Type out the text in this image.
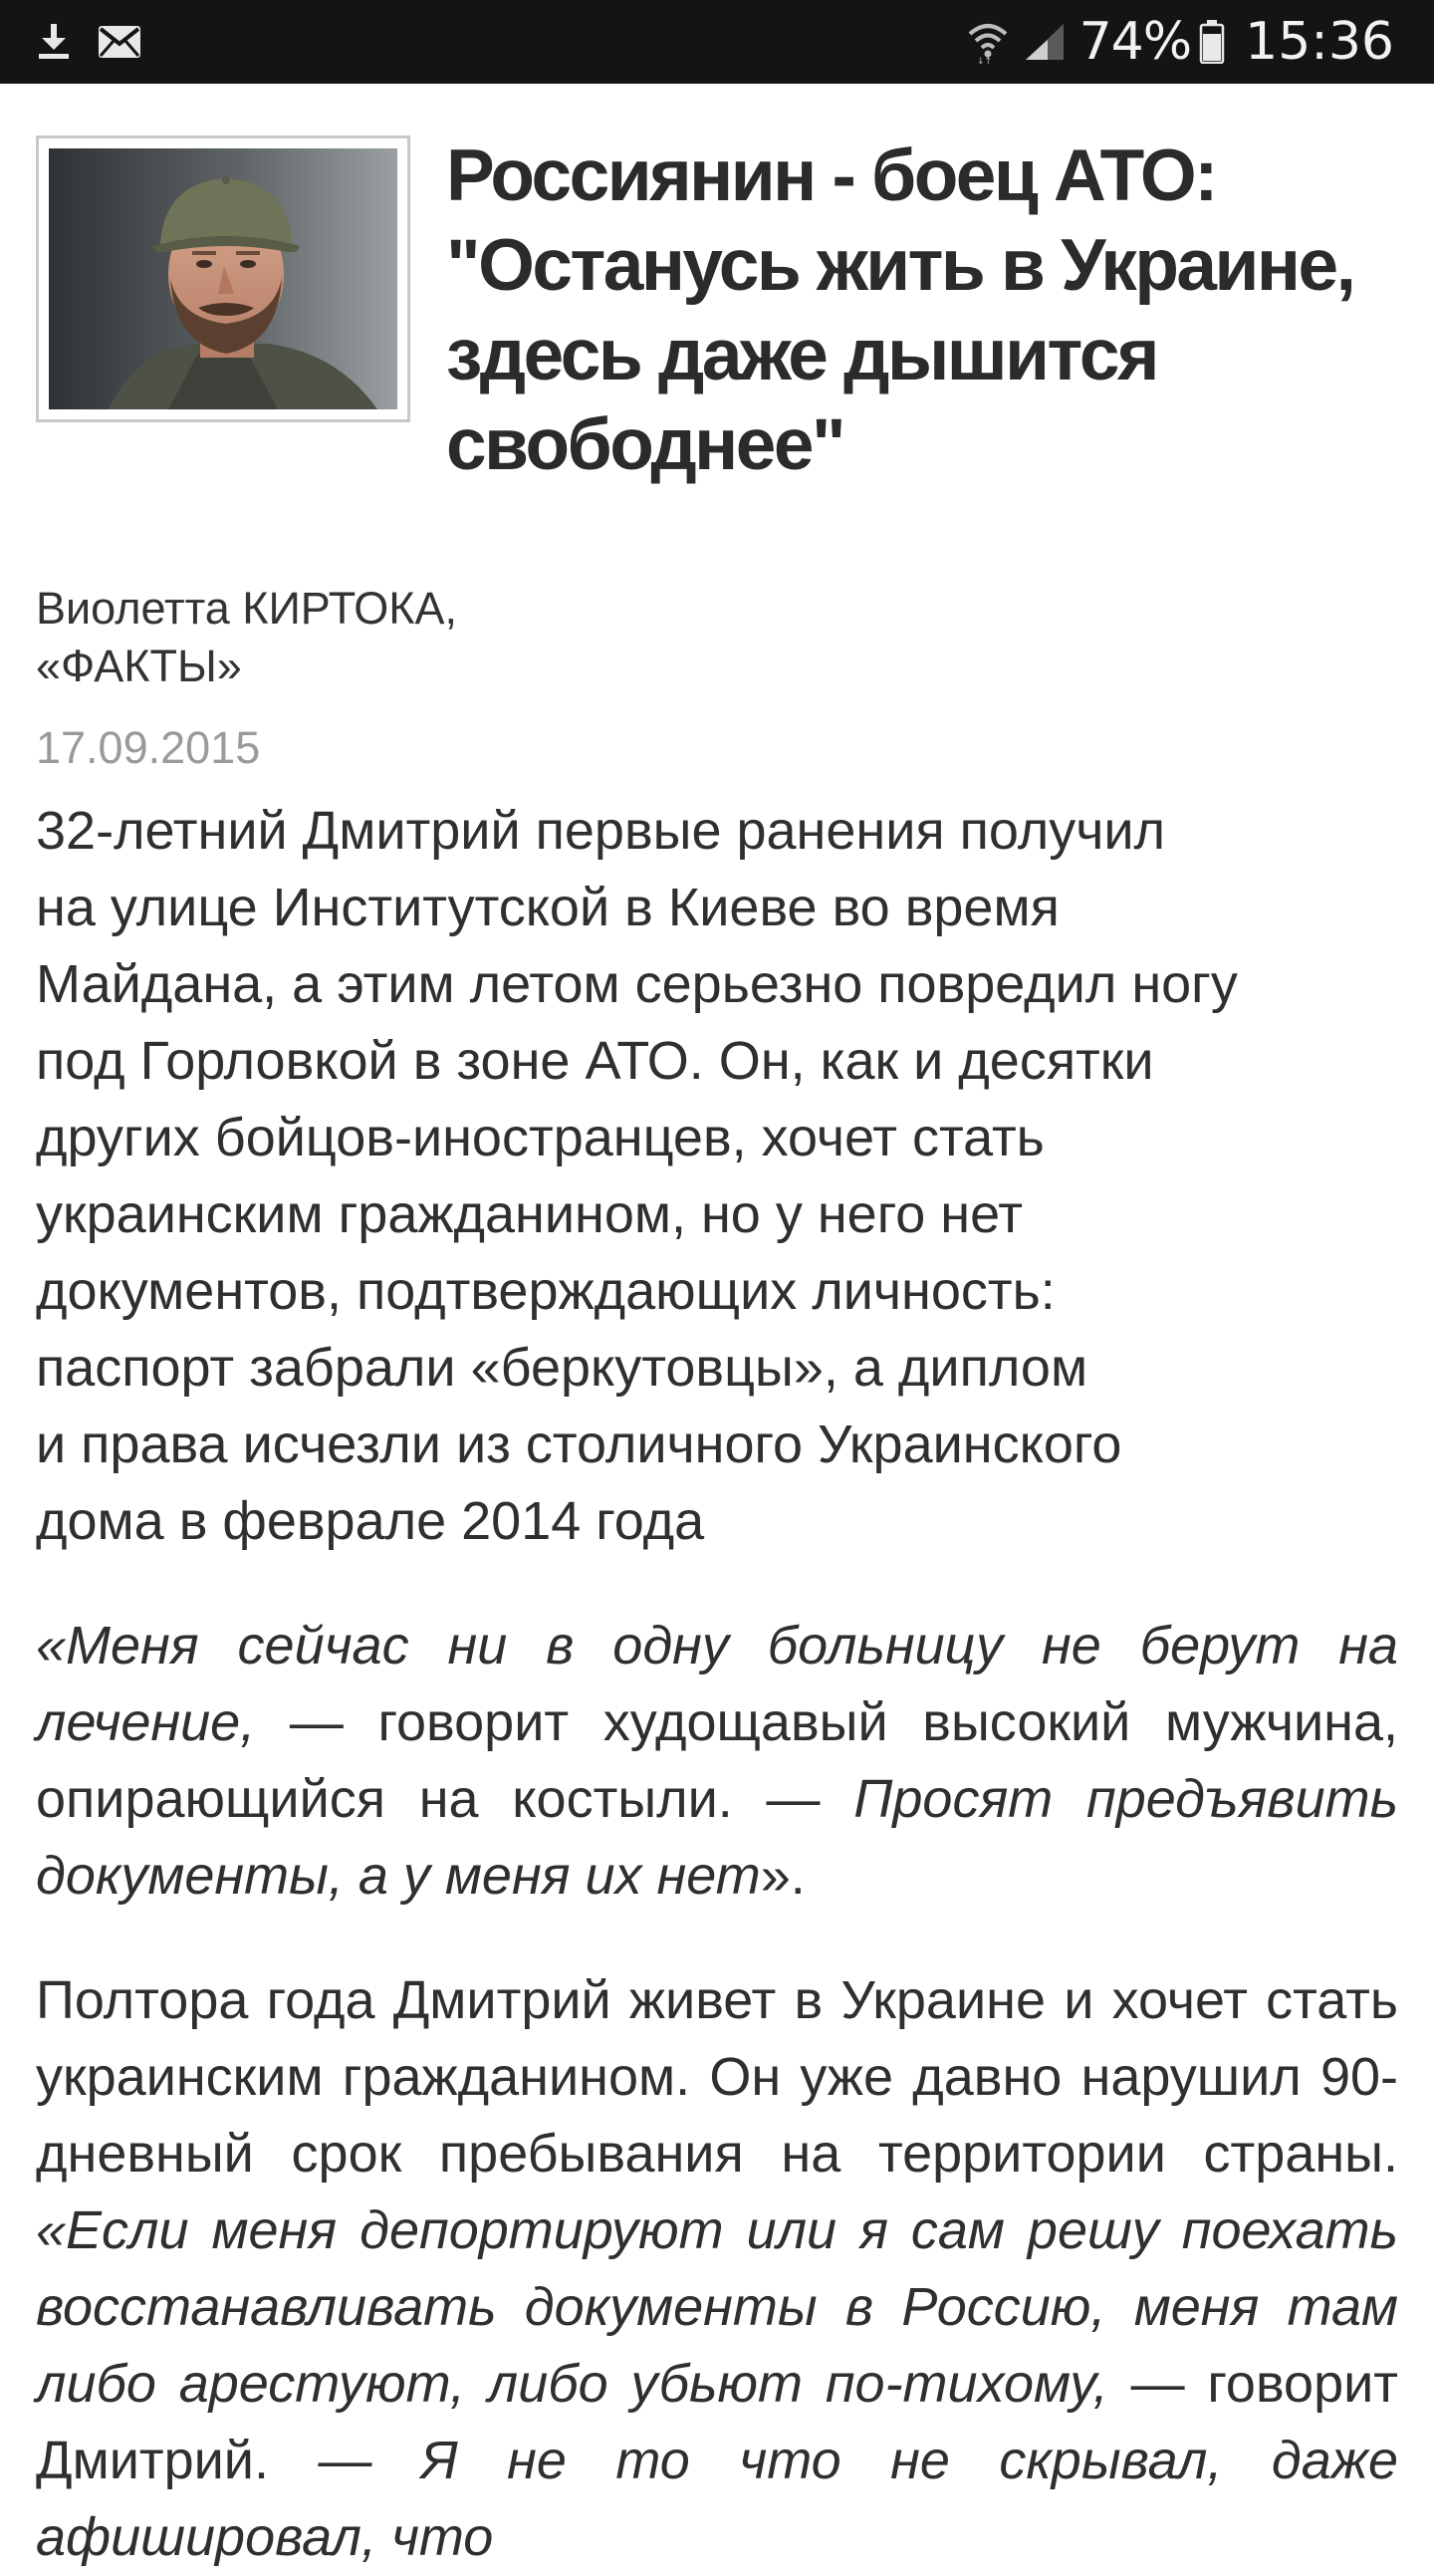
↓↑ 74% 15:36
Россиянин - боец АТО:
"Останусь жить в Украине,
здесь даже дышится
свободнее"
Виолетта КИРТОКА,
«ФАКТЫ»
17.09.2015

32-летний Дмитрий первые ранения получил
на улице Институтской в Киеве во время
Майдана, а этим летом серьезно повредил ногу
под Горловкой в зоне АТО. Он, как и десятки
других бойцов-иностранцев, хочет стать
украинским гражданином, но у него нет
документов, подтверждающих личность:
паспорт забрали «беркутовцы», а диплом
и права исчезли из столичного Украинского
дома в феврале 2014 года

«Меня сейчас ни в одну больницу не берут на лечение, — говорит худощавый высокий мужчина, опирающийся на костыли. — Просят предъявить документы, а у меня их нет».

Полтора года Дмитрий живет в Украине и хочет стать украинским гражданином. Он уже давно нарушил 90-дневный срок пребывания на территории страны. «Если меня депортируют или я сам решу поехать восстанавливать документы в Россию, меня там либо арестуют, либо убьют по-тихому, — говорит Дмитрий. — Я не то что не скрывал, даже афишировал, что
